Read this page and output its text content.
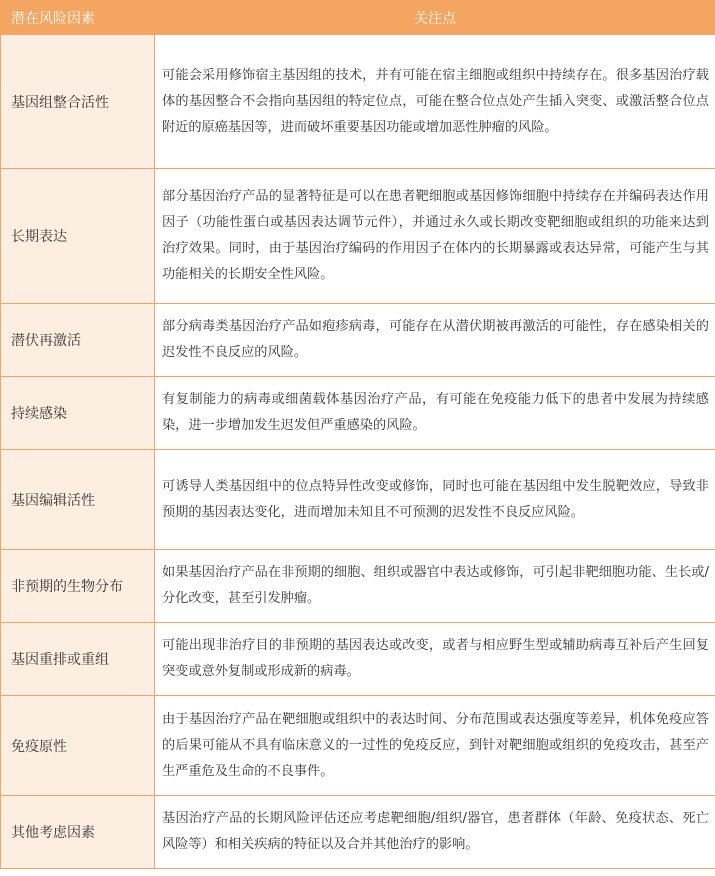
潜在风险因素	关注点
基因组整合活性	可能会采用修饰宿主基因组的技术，并有可能在宿主细胞或组织中持续存在。很多基因治疗载体的基因整合不会指向基因组的特定位点，可能在整合位点处产生插入突变、或激活整合位点附近的原癌基因等，进而破坏重要基因功能或增加恶性肿瘤的风险。
长期表达	部分基因治疗产品的显著特征是可以在患者靶细胞或基因修饰细胞中持续存在并编码表达作用因子（功能性蛋白或基因表达调节元件），并通过永久或长期改变靶细胞或组织的功能来达到治疗效果。同时，由于基因治疗编码的作用因子在体内的长期暴露或表达异常，可能产生与其功能相关的长期安全性风险。
潜伏再激活	部分病毒类基因治疗产品如疱疹病毒，可能存在从潜伏期被再激活的可能性，存在感染相关的迟发性不良反应的风险。
持续感染	有复制能力的病毒或细菌载体基因治疗产品，有可能在免疫能力低下的患者中发展为持续感染，进一步增加发生迟发但严重感染的风险。
基因编辑活性	可诱导人类基因组中的位点特异性改变或修饰，同时也可能在基因组中发生脱靶效应，导致非预期的基因表达变化，进而增加未知且不可预测的迟发性不良反应风险。
非预期的生物分布	如果基因治疗产品在非预期的细胞、组织或器官中表达或修饰，可引起非靶细胞功能、生长或/分化改变，甚至引发肿瘤。
基因重排或重组	可能出现非治疗目的非预期的基因表达或改变，或者与相应野生型或辅助病毒互补后产生回复突变或意外复制或形成新的病毒。
免疫原性	由于基因治疗产品在靶细胞或组织中的表达时间、分布范围或表达强度等差异，机体免疫应答的后果可能从不具有临床意义的一过性的免疫反应，到针对靶细胞或组织的免疫攻击，甚至产生严重危及生命的不良事件。
其他考虑因素	基因治疗产品的长期风险评估还应考虑靶细胞/组织/器官，患者群体（年龄、免疫状态、死亡风险等）和相关疾病的特征以及合并其他治疗的影响。
